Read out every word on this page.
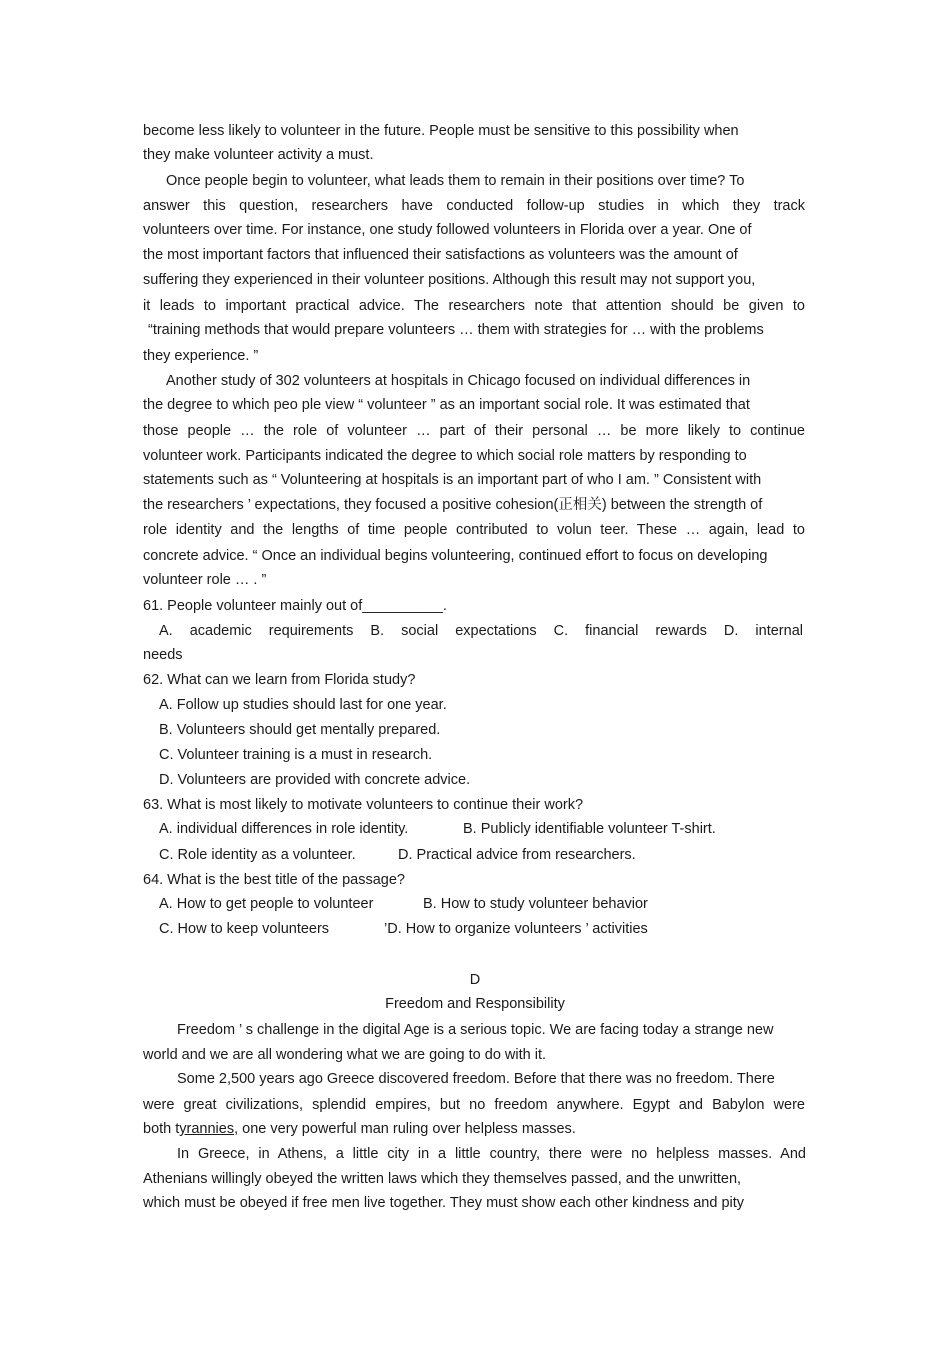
become less likely to volunteer in the future. People must be sensitive to this possibility when
they make volunteer activity a must.
Once people begin to volunteer, what leads them to remain in their positions over time? To
answer this question, researchers have conducted follow-up studies in which they track
volunteers over time. For instance, one study followed volunteers in Florida over a year. One of
the most important factors that influenced their satisfactions as volunteers was the amount of
suffering they experienced in their volunteer positions. Although this result may not support you,
it leads to important practical advice. The researchers note that attention should be given to
“training methods that would prepare volunteers … them with strategies for … with the problems
they experience. ”
Another study of 302 volunteers at hospitals in Chicago focused on individual differences in
the degree to which peo ple view “ volunteer ” as an important social role. It was estimated that
those people … the role of volunteer … part of their personal … be more likely to continue
volunteer work. Participants indicated the degree to which social role matters by responding to
statements such as “ Volunteering at hospitals is an important part of who I am. ” Consistent with
the researchers ’ expectations, they focused a positive cohesion(正相关) between the strength of
role identity and the lengths of time people contributed to volun teer. These … again, lead to
concrete advice. “ Once an individual begins volunteering, continued effort to focus on developing
volunteer role … . ”
61. People volunteer mainly out of__________.
A. academic requirements B. social expectations C. financial rewards D. internal
needs
62. What can we learn from Florida study?
A. Follow up studies should last for one year.
B. Volunteers should get mentally prepared.
C. Volunteer training is a must in research.
D. Volunteers are provided with concrete advice.
63. What is most likely to motivate volunteers to continue their work?
A. individual differences in role identity.	B. Publicly identifiable volunteer T-shirt.
C. Role identity as a volunteer.	D. Practical advice from researchers.
64. What is the best title of the passage?
A. How to get people to volunteer	B. How to study volunteer behavior
C. How to keep volunteers	’D. How to organize volunteers ’ activities
D
Freedom and Responsibility
Freedom ’ s challenge in the digital Age is a serious topic. We are facing today a strange new
world and we are all wondering what we are going to do with it.
Some 2,500 years ago Greece discovered freedom. Before that there was no freedom. There
were great civilizations, splendid empires, but no freedom anywhere. Egypt and Babylon were
both tyrannies, one very powerful man ruling over helpless masses.
In Greece, in Athens, a little city in a little country, there were no helpless masses. And
Athenians willingly obeyed the written laws which they themselves passed, and the unwritten,
which must be obeyed if free men live together. They must show each other kindness and pity
